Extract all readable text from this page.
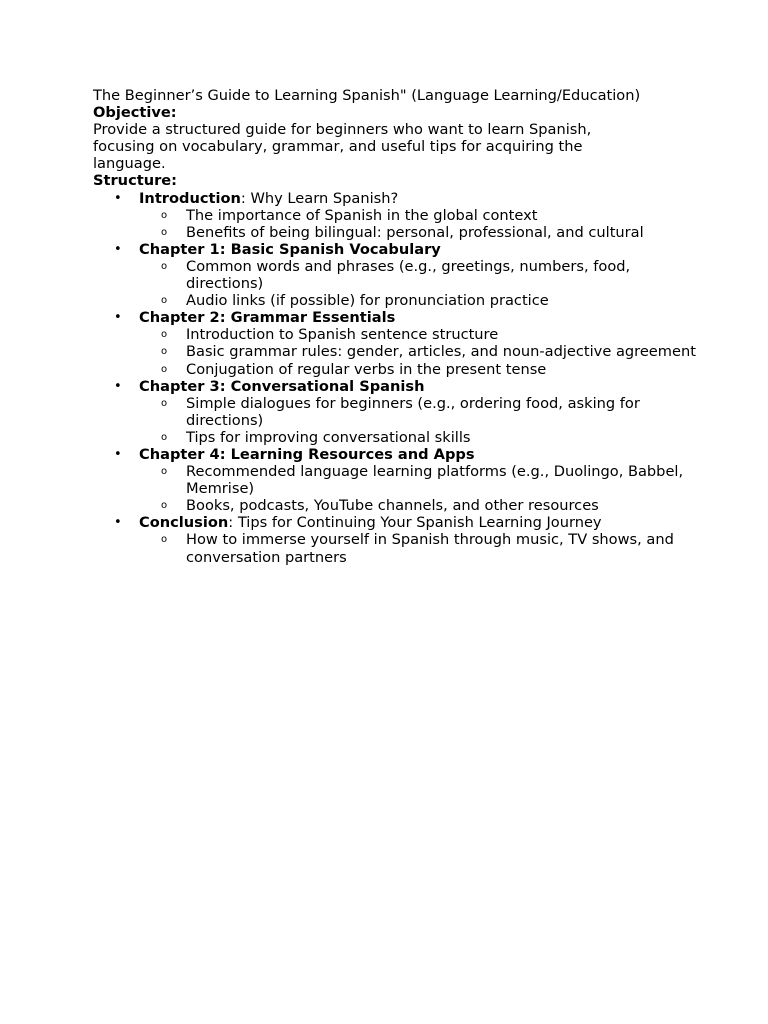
The Beginner’s Guide to Learning Spanish" (Language Learning/Education)
Objective:
Provide a structured guide for beginners who want to learn Spanish, focusing on vocabulary, grammar, and useful tips for acquiring the language.
Structure:
• Introduction: Why Learn Spanish?
o The importance of Spanish in the global context
o Benefits of being bilingual: personal, professional, and cultural
• Chapter 1: Basic Spanish Vocabulary
o Common words and phrases (e.g., greetings, numbers, food, directions)
o Audio links (if possible) for pronunciation practice
• Chapter 2: Grammar Essentials
o Introduction to Spanish sentence structure
o Basic grammar rules: gender, articles, and noun-adjective agreement
o Conjugation of regular verbs in the present tense
• Chapter 3: Conversational Spanish
o Simple dialogues for beginners (e.g., ordering food, asking for directions)
o Tips for improving conversational skills
• Chapter 4: Learning Resources and Apps
o Recommended language learning platforms (e.g., Duolingo, Babbel, Memrise)
o Books, podcasts, YouTube channels, and other resources
• Conclusion: Tips for Continuing Your Spanish Learning Journey
o How to immerse yourself in Spanish through music, TV shows, and conversation partners
